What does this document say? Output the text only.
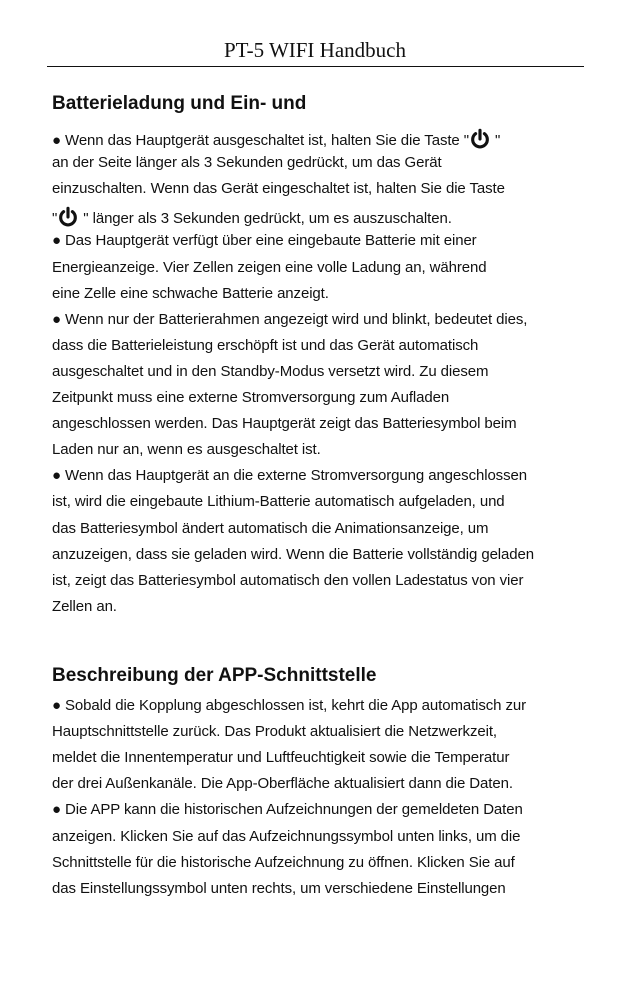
PT-5 WIFI Handbuch
Batterieladung und Ein- und
● Wenn das Hauptgerät ausgeschaltet ist, halten Sie die Taste " "
an der Seite länger als 3 Sekunden gedrückt, um das Gerät
einzuschalten. Wenn das Gerät eingeschaltet ist, halten Sie die Taste
" " länger als 3 Sekunden gedrückt, um es auszuschalten.
● Das Hauptgerät verfügt über eine eingebaute Batterie mit einer
Energieanzeige. Vier Zellen zeigen eine volle Ladung an, während
eine Zelle eine schwache Batterie anzeigt.
● Wenn nur der Batterierahmen angezeigt wird und blinkt, bedeutet dies,
dass die Batterieleistung erschöpft ist und das Gerät automatisch
ausgeschaltet und in den Standby-Modus versetzt wird. Zu diesem
Zeitpunkt muss eine externe Stromversorgung zum Aufladen
angeschlossen werden. Das Hauptgerät zeigt das Batteriesymbol beim
Laden nur an, wenn es ausgeschaltet ist.
● Wenn das Hauptgerät an die externe Stromversorgung angeschlossen
ist, wird die eingebaute Lithium-Batterie automatisch aufgeladen, und
das Batteriesymbol ändert automatisch die Animationsanzeige, um
anzuzeigen, dass sie geladen wird. Wenn die Batterie vollständig geladen
ist, zeigt das Batteriesymbol automatisch den vollen Ladestatus von vier
Zellen an.
Beschreibung der APP-Schnittstelle
● Sobald die Kopplung abgeschlossen ist, kehrt die App automatisch zur
Hauptschnittstelle zurück. Das Produkt aktualisiert die Netzwerkzeit,
meldet die Innentemperatur und Luftfeuchtigkeit sowie die Temperatur
der drei Außenkanäle. Die App-Oberfläche aktualisiert dann die Daten.
● Die APP kann die historischen Aufzeichnungen der gemeldeten Daten
anzeigen. Klicken Sie auf das Aufzeichnungssymbol unten links, um die
Schnittstelle für die historische Aufzeichnung zu öffnen. Klicken Sie auf
das Einstellungssymbol unten rechts, um verschiedene Einstellungen
